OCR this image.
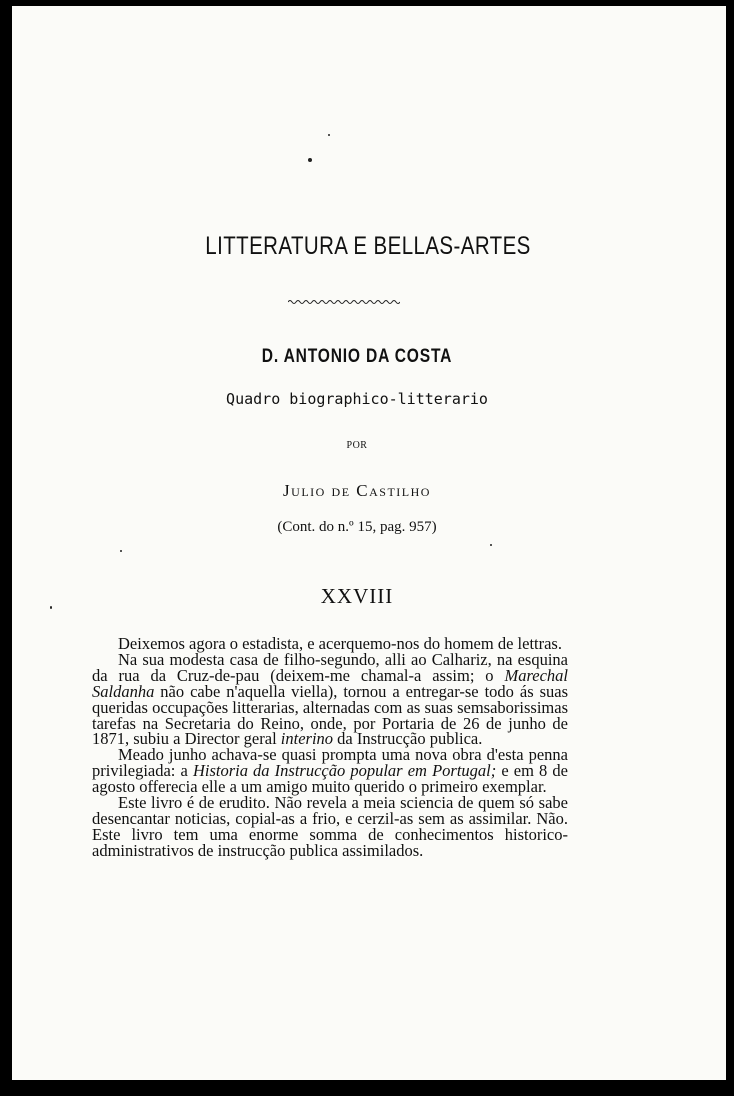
LITTERATURA E BELLAS-ARTES
D. ANTONIO DA COSTA
Quadro biographico-litterario
POR
Julio de Castilho
(Cont. do n.º 15, pag. 957)
XXVIII

Deixemos agora o estadista, e acerquemo-nos do homem de lettras.

Na sua modesta casa de filho-segundo, alli ao Calhariz, na esquina da rua da Cruz-de-pau (deixem-me chamal-a assim; o Marechal Saldanha não cabe n'aquella viella), tornou a entregar-se todo ás suas queridas occupações litterarias, alternadas com as suas semsaborissimas tarefas na Secretaria do Reino, onde, por Portaria de 26 de junho de 1871, subiu a Director geral interino da Instrucção publica.

Meado junho achava-se quasi prompta uma nova obra d'esta penna privilegiada: a Historia da Instrucção popular em Portugal; e em 8 de agosto offerecia elle a um amigo muito querido o primeiro exemplar.

Este livro é de erudito. Não revela a meia sciencia de quem só sabe desencantar noticias, copial-as a frio, e cerzil-as sem as assimilar. Não. Este livro tem uma enorme somma de conhecimentos historico-administrativos de instrucção publica assimilados.
